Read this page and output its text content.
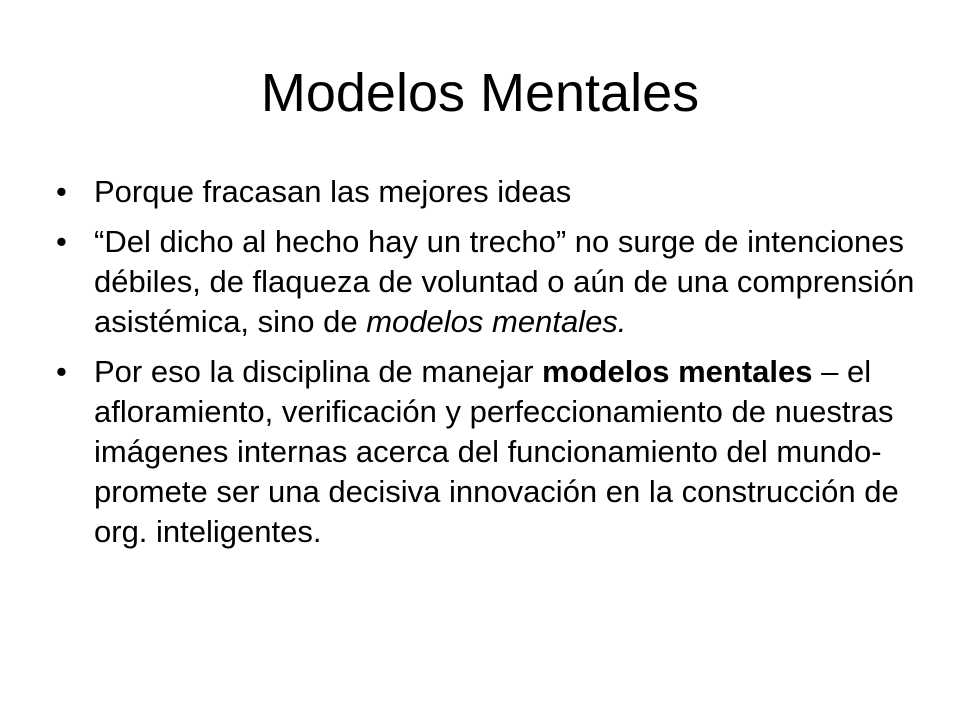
Modelos Mentales
• Porque fracasan las mejores ideas
• “Del dicho al hecho hay un trecho” no surge de intenciones débiles, de flaqueza de voluntad o aún de una comprensión asistémica, sino de modelos mentales.
• Por eso la disciplina de manejar modelos mentales – el afloramiento, verificación y perfeccionamiento de nuestras imágenes internas acerca del funcionamiento del mundo- promete ser una decisiva innovación en la construcción de org. inteligentes.
